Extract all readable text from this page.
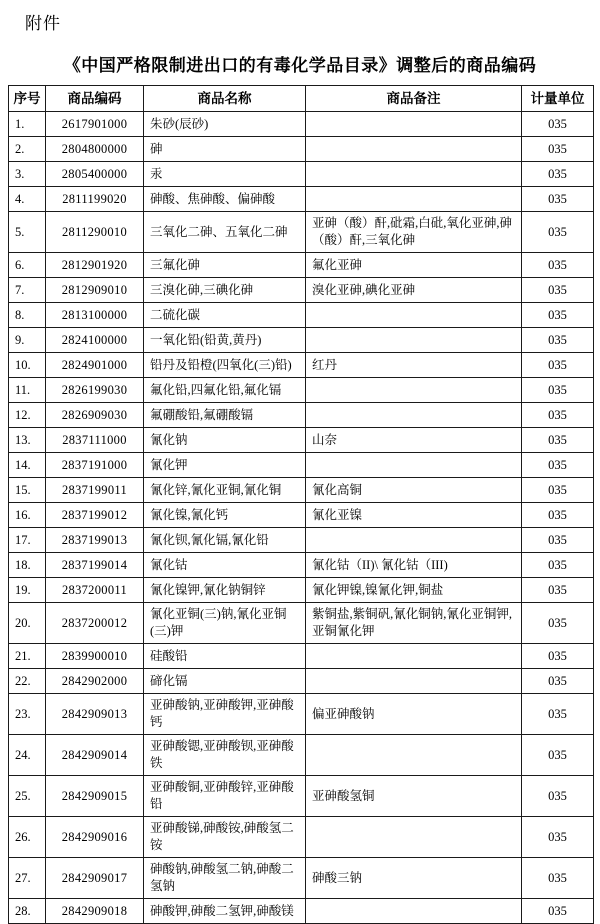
附件
《中国严格限制进出口的有毒化学品目录》调整后的商品编码
序号	商品编码	商品名称	商品备注	计量单位
1.	2617901000	朱砂(辰砂)		035
2.	2804800000	砷		035
3.	2805400000	汞		035
4.	2811199020	砷酸、焦砷酸、偏砷酸		035
5.	2811290010	三氧化二砷、五氧化二砷	亚砷（酸）酐,砒霜,白砒,氧化亚砷,砷（酸）酐,三氧化砷	035
6.	2812901920	三氟化砷	氟化亚砷	035
7.	2812909010	三溴化砷,三碘化砷	溴化亚砷,碘化亚砷	035
8.	2813100000	二硫化碳		035
9.	2824100000	一氧化铅(铅黄,黄丹)		035
10.	2824901000	铅丹及铅橙(四氧化(三)铅)	红丹	035
11.	2826199030	氟化铅,四氟化铅,氟化镉		035
12.	2826909030	氟硼酸铅,氟硼酸镉		035
13.	2837111000	氰化钠	山奈	035
14.	2837191000	氰化钾		035
15.	2837199011	氰化锌,氰化亚铜,氰化铜	氰化高铜	035
16.	2837199012	氰化镍,氰化钙	氰化亚镍	035
17.	2837199013	氰化钡,氰化镉,氰化铅		035
18.	2837199014	氰化钴	氰化钴（II)\ 氰化钴（III)	035
19.	2837200011	氰化镍钾,氰化钠铜锌	氰化钾镍,镍氰化钾,铜盐	035
20.	2837200012	氰化亚铜(三)钠,氰化亚铜(三)钾	紫铜盐,紫铜矾,氰化铜钠,氰化亚铜钾,亚铜氰化钾	035
21.	2839900010	硅酸铅		035
22.	2842902000	碲化镉		035
23.	2842909013	亚砷酸钠,亚砷酸钾,亚砷酸钙	偏亚砷酸钠	035
24.	2842909014	亚砷酸锶,亚砷酸钡,亚砷酸铁		035
25.	2842909015	亚砷酸铜,亚砷酸锌,亚砷酸铅	亚砷酸氢铜	035
26.	2842909016	亚砷酸锑,砷酸铵,砷酸氢二铵		035
27.	2842909017	砷酸钠,砷酸氢二钠,砷酸二氢钠	砷酸三钠	035
28.	2842909018	砷酸钾,砷酸二氢钾,砷酸镁		035
